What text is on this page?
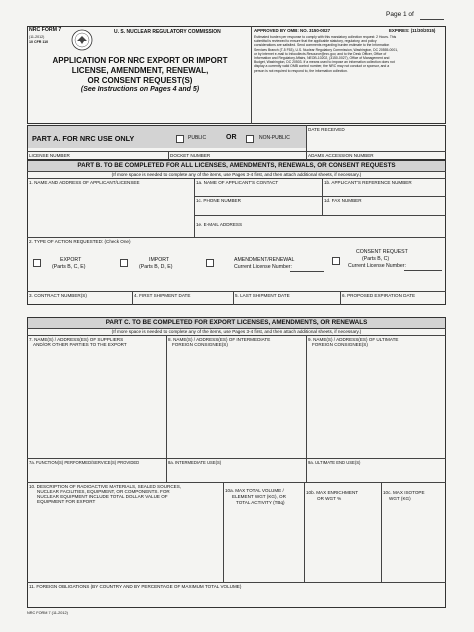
Page 1 of
NRC FORM 7
(11-2012)
10 CFR 110
U. S. NUCLEAR REGULATORY COMMISSION
APPLICATION FOR NRC EXPORT OR IMPORT
LICENSE, AMENDMENT, RENEWAL,
OR CONSENT REQUEST(S)
(See Instructions on Pages 4 and 5)
APPROVED BY OMB: NO. 3150-0027	EXPIRES: (11/30/2015)
Estimated burden per response to comply with this mandatory collection request: 2 Hours. This
submittal is reviewed to ensure that the applicable statutory, regulatory, and policy
considerations are satisfied. Send comments regarding burden estimate to the Information
Services Branch (T-5 F53), U.S. Nuclear Regulatory Commission, Washington, DC 20555-0001,
or by internet e-mail to Infocollects.Resource@nrc.gov, and to the Desk Officer, Office of
Information and Regulatory Affairs, NEOB-10202, (3150-0027), Office of Management and
Budget, Washington, DC 20503. If a means used to impose an information collection does not
display a currently valid OMB control number, the NRC may not conduct or sponsor, and a
person is not required to respond to, the information collection.
PART A. FOR NRC USE ONLY	PUBLIC	OR	NON-PUBLIC
DATE RECEIVED
LICENSE NUMBER	DOCKET NUMBER	ADAMS ACCESSION NUMBER
PART B. TO BE COMPLETED FOR ALL LICENSES, AMENDMENTS, RENEWALS, OR CONSENT REQUESTS
(If more space is needed to complete any of the items, use Pages 3-4 first, and then attach additional sheets, if necessary.)
1. NAME AND ADDRESS OF APPLICANT/LICENSEE	1a. NAME OF APPLICANT'S CONTACT	1b. APPLICANT'S REFERENCE NUMBER
1c. PHONE NUMBER	1d. FAX NUMBER
1e. E-MAIL ADDRESS
2. TYPE OF ACTION REQUESTED: (Check One)
EXPORT
(Parts B, C, E)
IMPORT
(Parts B, D, E)
AMENDMENT/RENEWAL
Current License Number:
CONSENT REQUEST
(Parts B, C)
Current License Number:
3. CONTRACT NUMBER(S)	4. FIRST SHIPMENT DATE	5. LAST SHIPMENT DATE	6. PROPOSED EXPIRATION DATE
PART C. TO BE COMPLETED FOR EXPORT LICENSES, AMENDMENTS, OR RENEWALS
(If more space is needed to complete any of the items, use Pages 3-4 first, and then attach additional sheets, if necessary.)
7. NAME(S) / ADDRESS(ES) OF SUPPLIERS
AND/OR OTHER PARTIES TO THE EXPORT
8. NAME(S) / ADDRESS(ES) OF INTERMEDIATE
FOREIGN CONSIGNEE(S)
9. NAME(S) / ADDRESS(ES) OF ULTIMATE
FOREIGN CONSIGNEE(S)
7a. FUNCTION(S) PERFORMED/SERVICE(S) PROVIDED	8a. INTERMEDIATE USE(S)	9a. ULTIMATE END USE(S)
10. DESCRIPTION OF RADIOACTIVE MATERIALS, SEALED SOURCES,
NUCLEAR FACILITIES, EQUIPMENT, OR COMPONENTS. FOR
NUCLEAR EQUIPMENT INCLUDE TOTAL DOLLAR VALUE OF
EQUIPMENT FOR EXPORT
10a. MAX TOTAL VOLUME /
ELEMENT WGT (KG), OR
TOTAL ACTIVITY (TBq)
10b. MAX ENRICHMENT
OR WGT %
10c. MAX ISOTOPE
WGT (KG)
11. FOREIGN OBLIGATIONS (BY COUNTRY AND BY PERCENTAGE OF MAXIMUM TOTAL VOLUME)
NRC FORM 7 (11-2012)
